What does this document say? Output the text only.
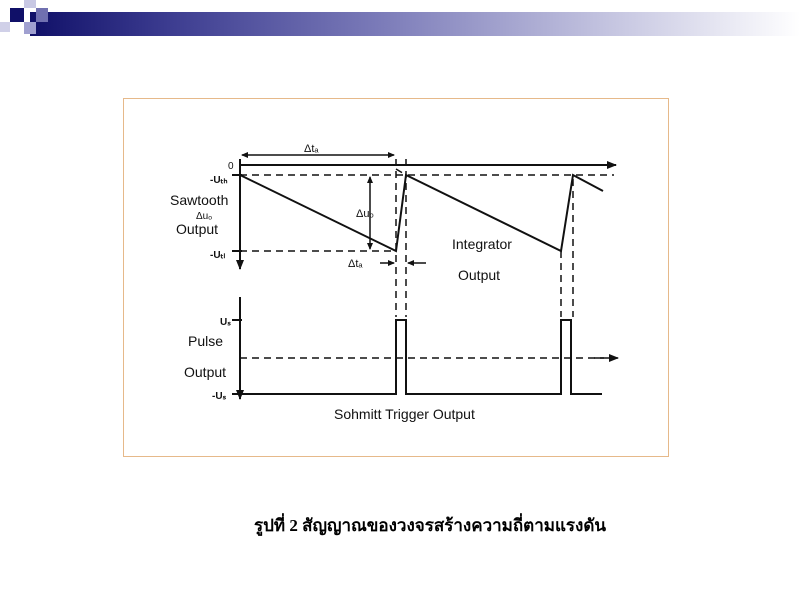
Δtₐ
0
-Uₜₕ
Sawtooth
Δuₒ
Output
Δuₒ
-Uₜₗ
Δtₐ
Integrator
Output
Uₛ
Pulse
Output
-Uₛ
Sohmitt Trigger Output
รูปที่ 2 สัญญาณของวงจรสร้างความถี่ตามแรงดัน
